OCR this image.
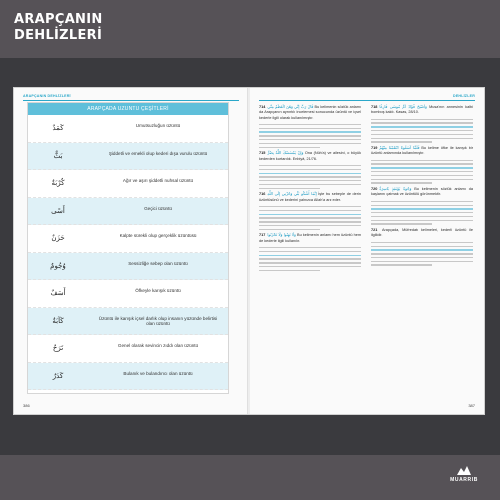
ARAPÇANIN
DEHLİZLERİ
ARAPÇANIN DEHLİZLERİ
ARAPÇADA UZUNTU ÇEŞİTLERİ
كَمَدٌ	Umutsuzluğun üzüntü
بَثٌّ	Şiddetli ve emekli olup kederi dışa vurulu üzüntü
كُرْبَةٌ	Ağır ve aşırı şiddetli nuhsal üzüntü
أَسًى	Geçici üzüntü
حَزَنٌ	Kalpte sürekli olup gerçeklik üzüntüsü
وُجُومٌ	Sessizliğe sebep olan üzüntü
أَسَفٌ	Öfkeyle karışık üzüntü
كَآبَةٌ	Üzüntü ile karışık içsel darlık olup insanın yüzünde belirtisi olan üzüntü
تَرَحٌ	Genel olarak sevincin zıddı olan üzüntü
كَدَرٌ	Bulanık ve bulandırıcı olan üzüntü
386
DEHLİZLER
714 قَالَ رَبِّ إِنِّي وَهَنَ الْعَظْمُ مِنِّي Bu kelimenin sözlük anlamı da Arapçanın ayrıntılı incelemesi sonucunda üzüntü ve içsel kederle ilgili olarak kullanılmıştır.
715 وَإِنْ يَمْسَسْكَ اللَّهُ بِضُرٍّ Ona (Nûh'a) ve ailesini, o büyük kederden kurtardık. Enbiyâ, 21/76.
716 إِنَّمَا أَشْكُو بَثِّي وَحُزْنِي إِلَى اللَّهِ İşte bu sebeple de derin üzüntüsünü ve kederini yalnızca Allah'a arz eder.
717 وَلَا تَهِنُوا وَلَا تَحْزَنُوا Bu kelimenin anlamı hem üzüntü hem de kederle ilgili kullanılır.
718 وَأَصْبَحَ فُؤَادُ أُمِّ مُوسَى فَارِغًا Musa'nın annesinin kalbi bomboş kaldı. Kasas, 28/10.
719 فَلَمَّا آسَفُونَا انْتَقَمْنَا مِنْهُمْ Bu kelime öfke ile karışık bir üzüntü anlamında kullanılmıştır.
720 وَجُوهٌ يَوْمَئِذٍ بَاسِرَةٌ Bu kelimenin sözlük anlamı da kaşlarını çatmak ve üzüntülü görünmektir.
721 Arapçada, Müfredatı kelimeleri, kederli üzüntü ile ilgilidir.
387
MUARRIB
